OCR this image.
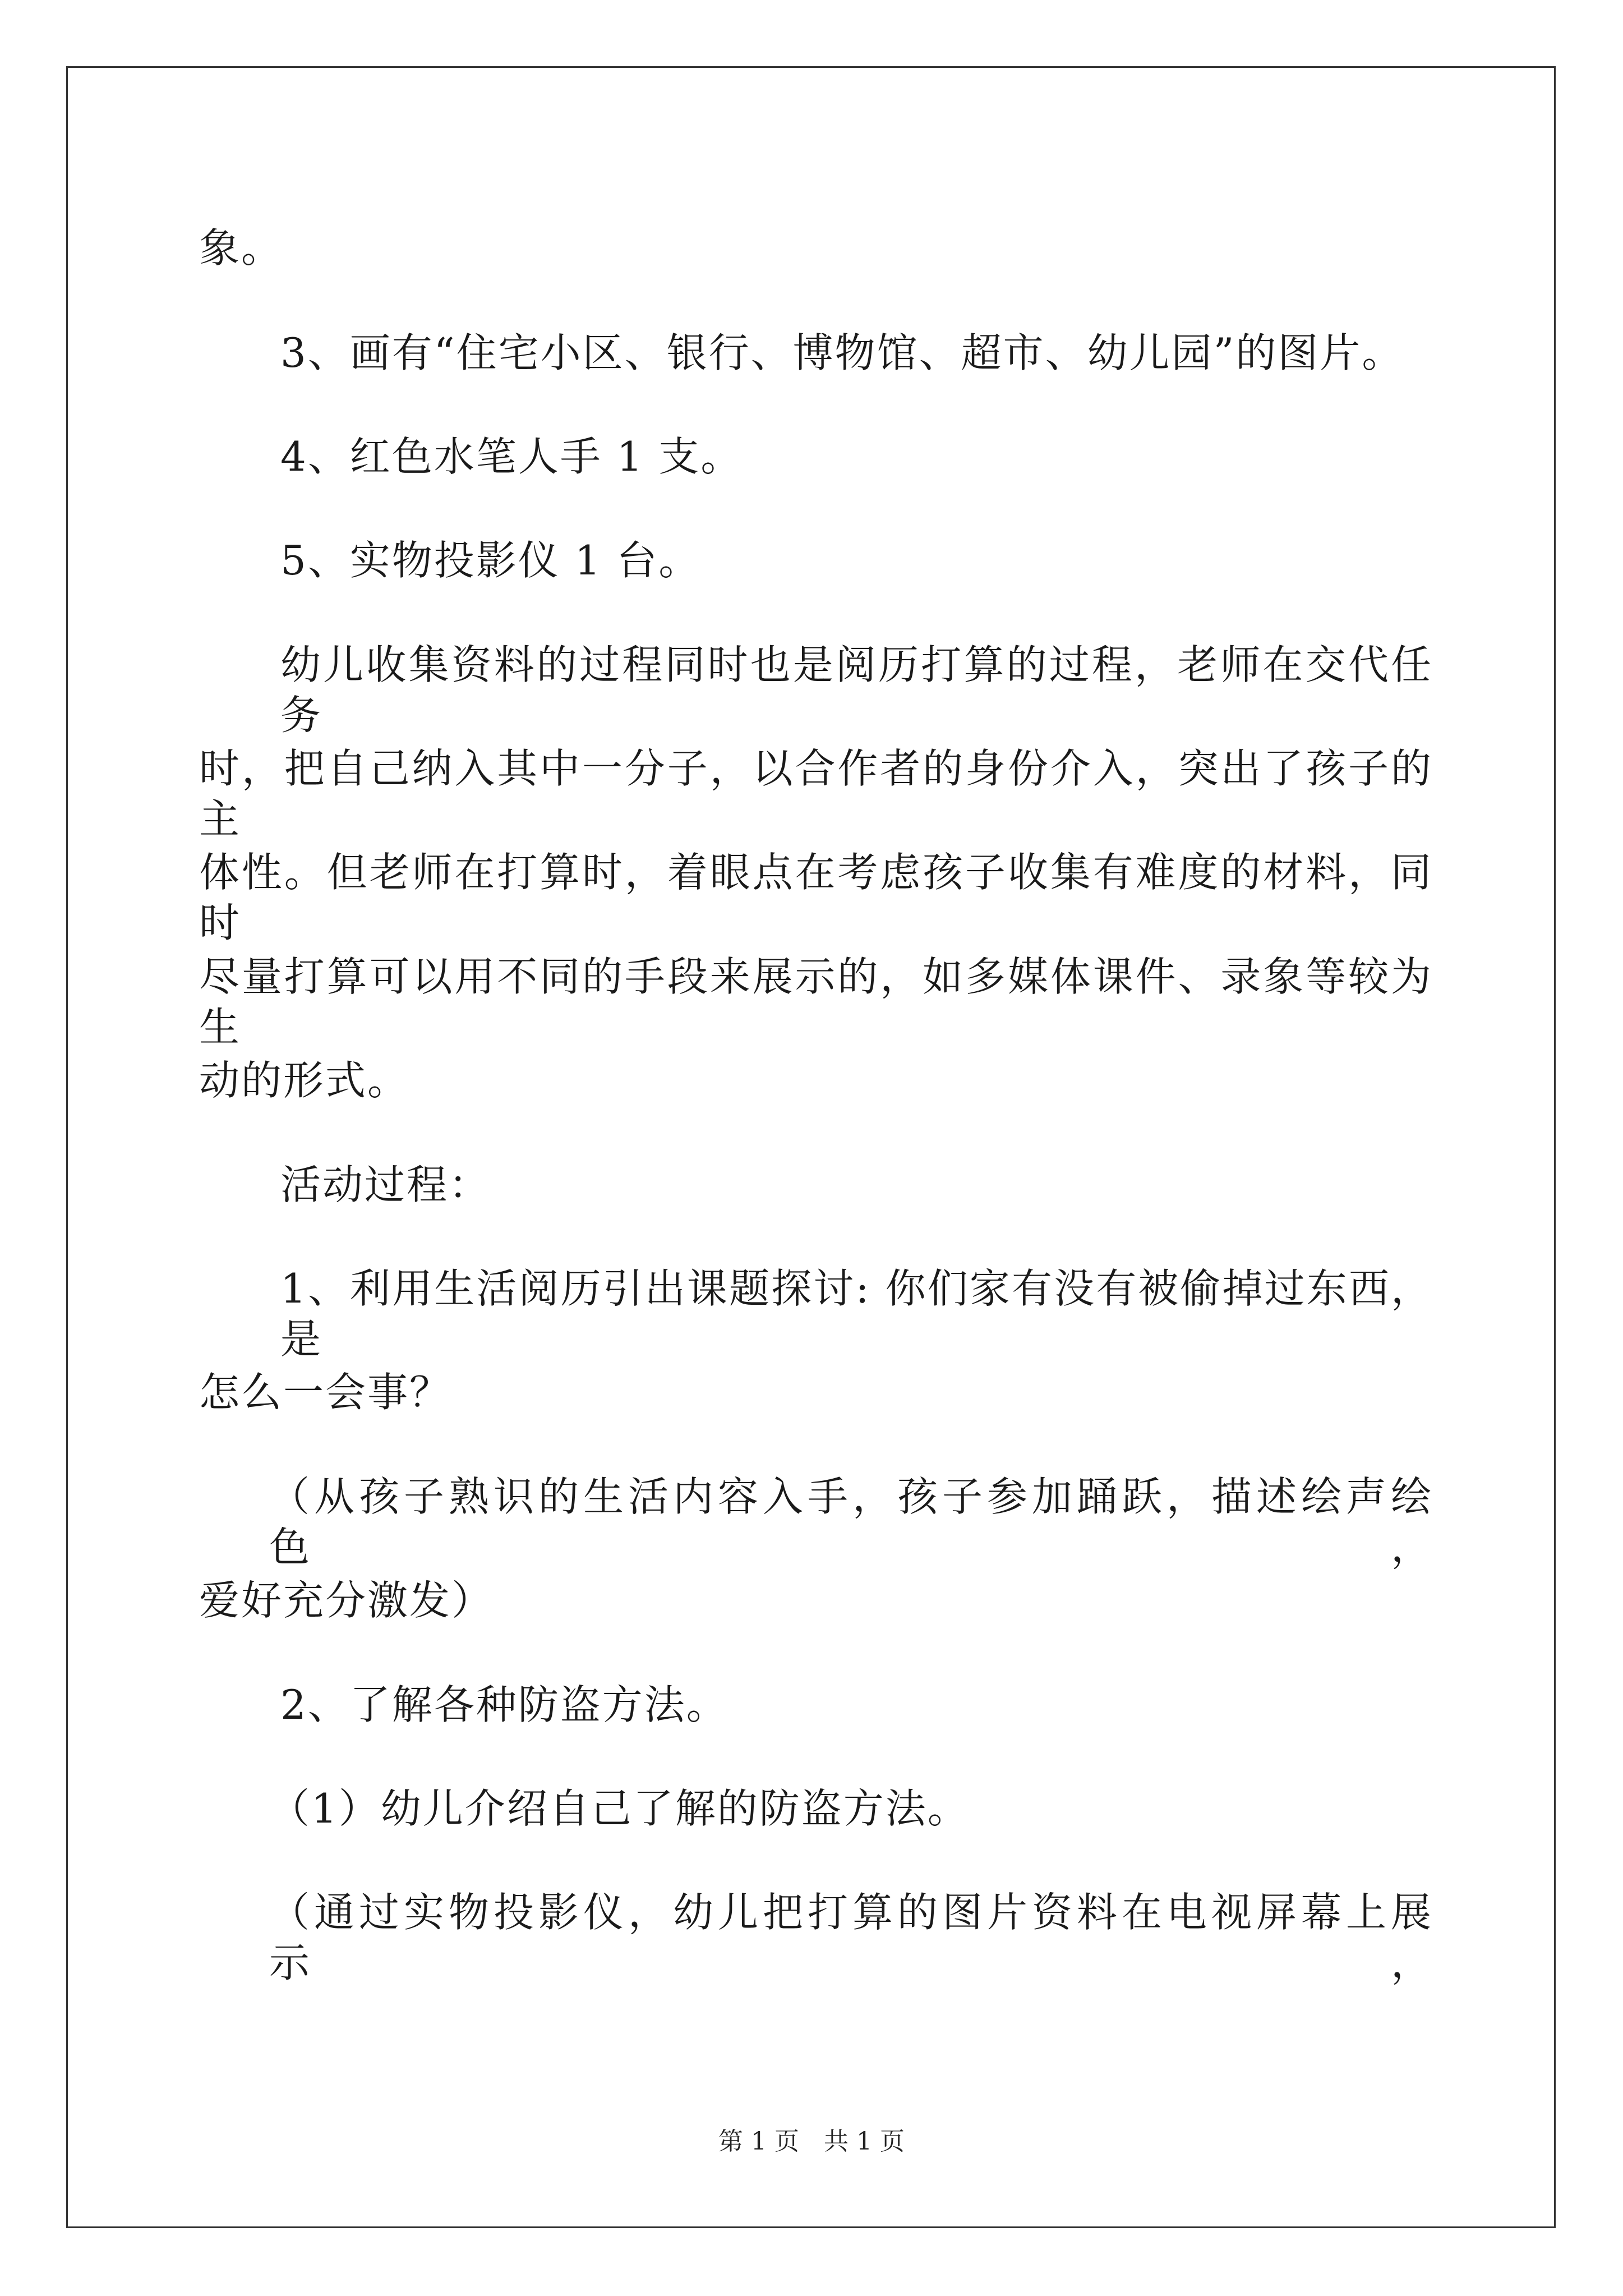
象。
3、画有“住宅小区、银行、博物馆、超市、幼儿园”的图片。
4、红色水笔人手 1 支。
5、实物投影仪 1 台。
幼儿收集资料的过程同时也是阅历打算的过程，老师在交代任务
时，把自己纳入其中一分子，以合作者的身份介入，突出了孩子的主
体性。但老师在打算时，着眼点在考虑孩子收集有难度的材料，同时
尽量打算可以用不同的手段来展示的，如多媒体课件、录象等较为生
动的形式。
活动过程：
1、利用生活阅历引出课题探讨: 你们家有没有被偷掉过东西，是
怎么一会事？
（从孩子熟识的生活内容入手，孩子参加踊跃，描述绘声绘色，
爱好充分激发）
2、了解各种防盗方法。
（1）幼儿介绍自己了解的防盗方法。
（通过实物投影仪，幼儿把打算的图片资料在电视屏幕上展示，
第 1 页　共 1 页
